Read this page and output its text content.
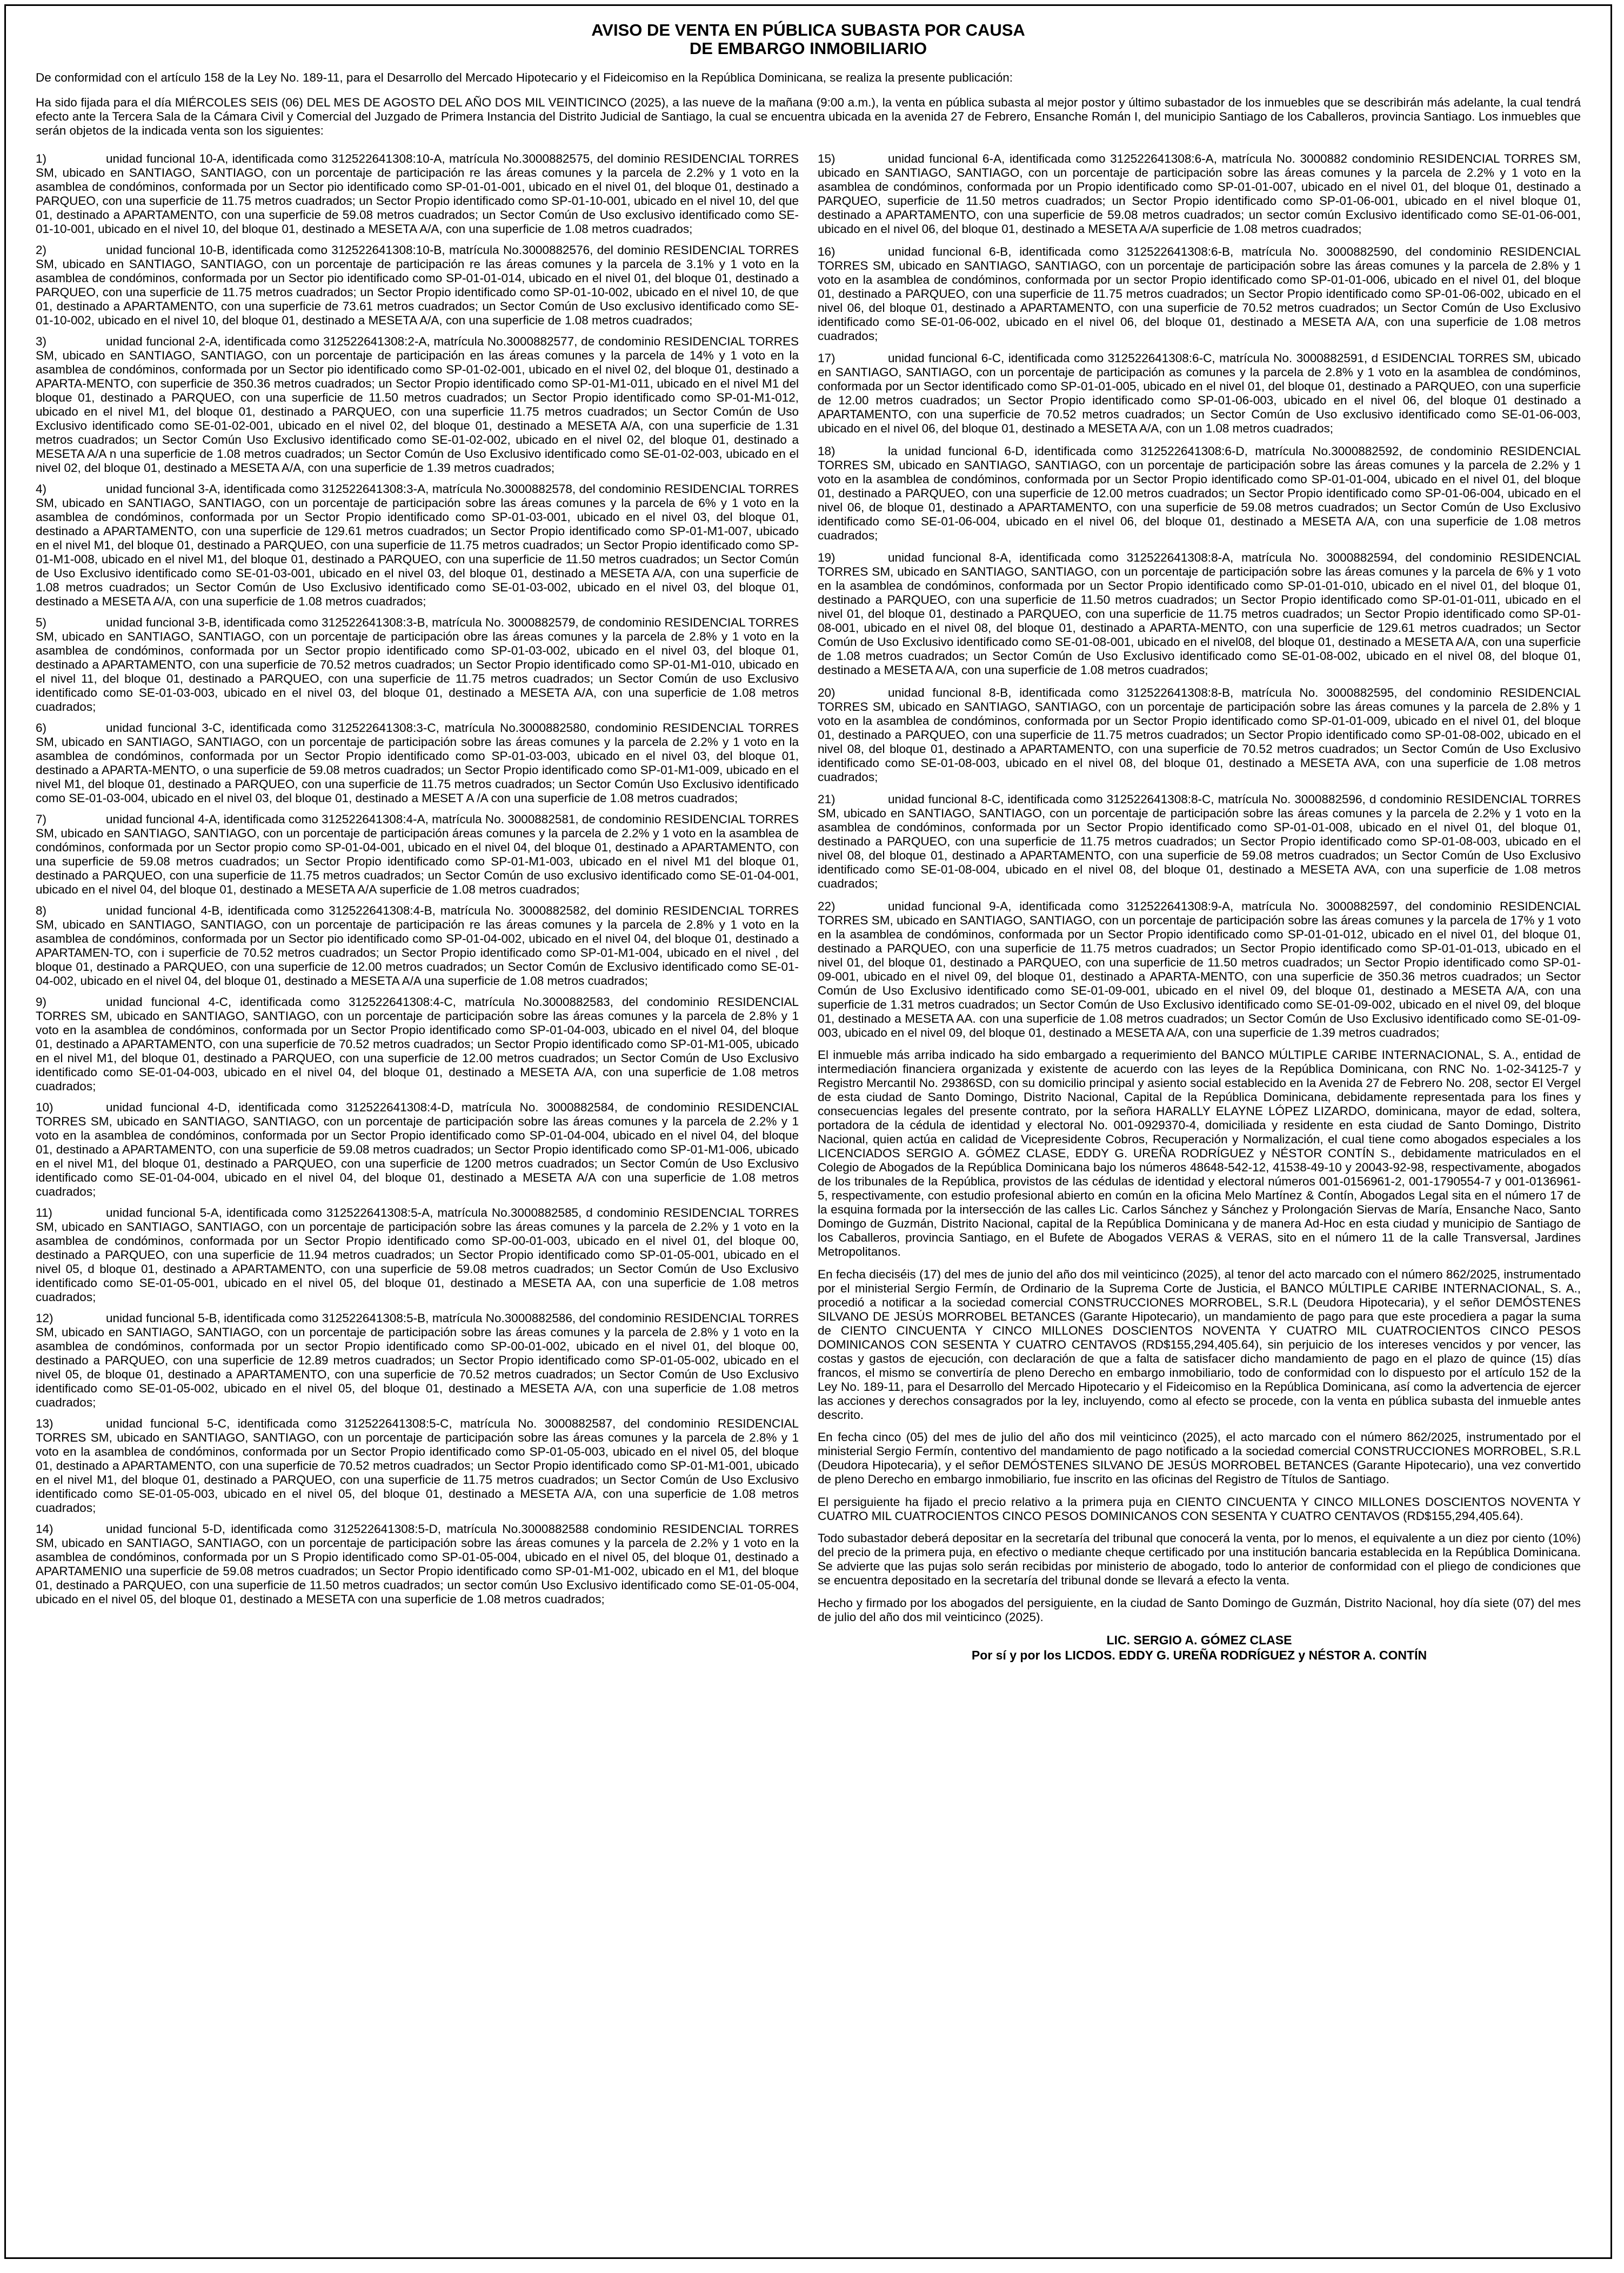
AVISO DE VENTA EN PÚBLICA SUBASTA POR CAUSA
DE EMBARGO INMOBILIARIO

De conformidad con el artículo 158 de la Ley No. 189-11, para el Desarrollo del Mercado Hipotecario y el Fideicomiso en la República Dominicana, se realiza la presente publicación:

Ha sido fijada para el día MIÉRCOLES SEIS (06) DEL MES DE AGOSTO DEL AÑO DOS MIL VEINTICINCO (2025), a las nueve de la mañana (9:00 a.m.), la venta en pública subasta al mejor postor y último subastador de los inmuebles que se describirán más adelante, la cual tendrá efecto ante la Tercera Sala de la Cámara Civil y Comercial del Juzgado de Primera Instancia del Distrito Judicial de Santiago, la cual se encuentra ubicada en la avenida 27 de Febrero, Ensanche Román I, del municipio Santiago de los Caballeros, provincia Santiago. Los inmuebles que serán objetos de la indicada venta son los siguientes:

1)	unidad funcional 10-A, identificada como 312522641308:10-A, matrícula No.3000882575, del dominio RESIDENCIAL TORRES SM, ubicado en SANTIAGO, SANTIAGO, con un porcentaje de participación re las áreas comunes y la parcela de 2.2% y 1 voto en la asamblea de condóminos, conformada por un Sector pio identificado como SP-01-01-001, ubicado en el nivel 01, del bloque 01, destinado a PARQUEO, con una superficie de 11.75 metros cuadrados; un Sector Propio identificado como SP-01-10-001, ubicado en el nivel 10, del que 01, destinado a APARTAMENTO, con una superficie de 59.08 metros cuadrados; un Sector Común de Uso exclusivo identificado como SE-01-10-001, ubicado en el nivel 10, del bloque 01, destinado a MESETA A/A, con una superficie de 1.08 metros cuadrados;

2)	unidad funcional 10-B, identificada como 312522641308:10-B, matrícula No.3000882576, del dominio RESIDENCIAL TORRES SM, ubicado en SANTIAGO, SANTIAGO, con un porcentaje de participación re las áreas comunes y la parcela de 3.1% y 1 voto en la asamblea de condóminos, conformada por un Sector pio identificado como SP-01-01-014, ubicado en el nivel 01, del bloque 01, destinado a PARQUEO, con una superficie de 11.75 metros cuadrados; un Sector Propio identificado como SP-01-10-002, ubicado en el nivel 10, de que 01, destinado a APARTAMENTO, con una superficie de 73.61 metros cuadrados; un Sector Común de Uso exclusivo identificado como SE-01-10-002, ubicado en el nivel 10, del bloque 01, destinado a MESETA A/A, con una superficie de 1.08 metros cuadrados;

3)	unidad funcional 2-A, identificada como 312522641308:2-A, matrícula No.3000882577, de condominio RESIDENCIAL TORRES SM, ubicado en SANTIAGO, SANTIAGO, con un porcentaje de participación en las áreas comunes y la parcela de 14% y 1 voto en la asamblea de condóminos, conformada por un Sector pio identificado como SP-01-02-001, ubicado en el nivel 02, del bloque 01, destinado a APARTA-MENTO, con superficie de 350.36 metros cuadrados; un Sector Propio identificado como SP-01-M1-011, ubicado en el nivel M1 del bloque 01, destinado a PARQUEO, con una superficie de 11.50 metros cuadrados; un Sector Propio identificado como SP-01-M1-012, ubicado en el nivel M1, del bloque 01, destinado a PARQUEO, con una superficie 11.75 metros cuadrados; un Sector Común de Uso Exclusivo identificado como SE-01-02-001, ubicado en el nivel 02, del bloque 01, destinado a MESETA A/A, con una superficie de 1.31 metros cuadrados; un Sector Común Uso Exclusivo identificado como SE-01-02-002, ubicado en el nivel 02, del bloque 01, destinado a MESETA A/A n una superficie de 1.08 metros cuadrados; un Sector Común de Uso Exclusivo identificado como SE-01-02-003, ubicado en el nivel 02, del bloque 01, destinado a MESETA A/A, con una superficie de 1.39 metros cuadrados;

4)	unidad funcional 3-A, identificada como 312522641308:3-A, matrícula No.3000882578, del condominio RESIDENCIAL TORRES SM, ubicado en SANTIAGO, SANTIAGO, con un porcentaje de participación sobre las áreas comunes y la parcela de 6% y 1 voto en la asamblea de condóminos, conformada por un Sector Propio identificado como SP-01-03-001, ubicado en el nivel 03, del bloque 01, destinado a APARTAMENTO, con una superficie de 129.61 metros cuadrados; un Sector Propio identificado como SP-01-M1-007, ubicado en el nivel M1, del bloque 01, destinado a PARQUEO, con una superficie de 11.75 metros cuadrados; un Sector Propio identificado como SP-01-M1-008, ubicado en el nivel M1, del bloque 01, destinado a PARQUEO, con una superficie de 11.50 metros cuadrados; un Sector Común de Uso Exclusivo identificado como SE-01-03-001, ubicado en el nivel 03, del bloque 01, destinado a MESETA A/A, con una superficie de 1.08 metros cuadrados; un Sector Común de Uso Exclusivo identificado como SE-01-03-002, ubicado en el nivel 03, del bloque 01, destinado a MESETA A/A, con una superficie de 1.08 metros cuadrados;

5)	unidad funcional 3-B, identificada como 312522641308:3-B, matrícula No. 3000882579, de condominio RESIDENCIAL TORRES SM, ubicado en SANTIAGO, SANTIAGO, con un porcentaje de participación obre las áreas comunes y la parcela de 2.8% y 1 voto en la asamblea de condóminos, conformada por un Sector propio identificado como SP-01-03-002, ubicado en el nivel 03, del bloque 01, destinado a APARTAMENTO, con una superficie de 70.52 metros cuadrados; un Sector Propio identificado como SP-01-M1-010, ubicado en el nivel 11, del bloque 01, destinado a PARQUEO, con una superficie de 11.75 metros cuadrados; un Sector Común de uso Exclusivo identificado como SE-01-03-003, ubicado en el nivel 03, del bloque 01, destinado a MESETA A/A, con una superficie de 1.08 metros cuadrados;

6)	unidad funcional 3-C, identificada como 312522641308:3-C, matrícula No.3000882580, condominio RESIDENCIAL TORRES SM, ubicado en SANTIAGO, SANTIAGO, con un porcentaje de participación sobre las áreas comunes y la parcela de 2.2% y 1 voto en la asamblea de condóminos, conformada por un Sector Propio identificado como SP-01-03-003, ubicado en el nivel 03, del bloque 01, destinado a APARTA-MENTO, o una superficie de 59.08 metros cuadrados; un Sector Propio identificado como SP-01-M1-009, ubicado en el nivel M1, del bloque 01, destinado a PARQUEO, con una superficie de 11.75 metros cuadrados; un Sector Común Uso Exclusivo identificado como SE-01-03-004, ubicado en el nivel 03, del bloque 01, destinado a MESET A /A con una superficie de 1.08 metros cuadrados;

7)	unidad funcional 4-A, identificada como 312522641308:4-A, matrícula No. 3000882581, de condominio RESIDENCIAL TORRES SM, ubicado en SANTIAGO, SANTIAGO, con un porcentaje de participación áreas comunes y la parcela de 2.2% y 1 voto en la asamblea de condóminos, conformada por un Sector propio como SP-01-04-001, ubicado en el nivel 04, del bloque 01, destinado a APARTAMENTO, con una superficie de 59.08 metros cuadrados; un Sector Propio identificado como SP-01-M1-003, ubicado en el nivel M1 del bloque 01, destinado a PARQUEO, con una superficie de 11.75 metros cuadrados; un Sector Común de uso exclusivo identificado como SE-01-04-001, ubicado en el nivel 04, del bloque 01, destinado a MESETA A/A superficie de 1.08 metros cuadrados;

8)	unidad funcional 4-B, identificada como 312522641308:4-B, matrícula No. 3000882582, del dominio RESIDENCIAL TORRES SM, ubicado en SANTIAGO, SANTIAGO, con un porcentaje de participación re las áreas comunes y la parcela de 2.8% y 1 voto en la asamblea de condóminos, conformada por un Sector pio identificado como SP-01-04-002, ubicado en el nivel 04, del bloque 01, destinado a APARTAMEN-TO, con i superficie de 70.52 metros cuadrados; un Sector Propio identificado como SP-01-M1-004, ubicado en el nivel , del bloque 01, destinado a PARQUEO, con una superficie de 12.00 metros cuadrados; un Sector Común de Exclusivo identificado como SE-01-04-002, ubicado en el nivel 04, del bloque 01, destinado a MESETA A/A una superficie de 1.08 metros cuadrados;

9)	unidad funcional 4-C, identificada como 312522641308:4-C, matrícula No.3000882583, del condominio RESIDENCIAL TORRES SM, ubicado en SANTIAGO, SANTIAGO, con un porcentaje de participación sobre las áreas comunes y la parcela de 2.8% y 1 voto en la asamblea de condóminos, conformada por un Sector Propio identificado como SP-01-04-003, ubicado en el nivel 04, del bloque 01, destinado a APARTAMENTO, con una superficie de 70.52 metros cuadrados; un Sector Propio identificado como SP-01-M1-005, ubicado en el nivel M1, del bloque 01, destinado a PARQUEO, con una superficie de 12.00 metros cuadrados; un Sector Común de Uso Exclusivo identificado como SE-01-04-003, ubicado en el nivel 04, del bloque 01, destinado a MESETA A/A, con una superficie de 1.08 metros cuadrados;

10)	unidad funcional 4-D, identificada como 312522641308:4-D, matrícula No. 3000882584, de condominio RESIDENCIAL TORRES SM, ubicado en SANTIAGO, SANTIAGO, con un porcentaje de participación sobre las áreas comunes y la parcela de 2.2% y 1 voto en la asamblea de condóminos, conformada por un Sector Propio identificado como SP-01-04-004, ubicado en el nivel 04, del bloque 01, destinado a APARTAMENTO, con una superficie de 59.08 metros cuadrados; un Sector Propio identificado como SP-01-M1-006, ubicado en el nivel M1, del bloque 01, destinado a PARQUEO, con una superficie de 1200 metros cuadrados; un Sector Común de Uso Exclusivo identificado como SE-01-04-004, ubicado en el nivel 04, del bloque 01, destinado a MESETA A/A con una superficie de 1.08 metros cuadrados;

11)	unidad funcional 5-A, identificada como 312522641308:5-A, matrícula No.3000882585, d condominio RESIDENCIAL TORRES SM, ubicado en SANTIAGO, SANTIAGO, con un porcentaje de participación sobre las áreas comunes y la parcela de 2.2% y 1 voto en la asamblea de condóminos, conformada por un Sector Propio identificado como SP-00-01-003, ubicado en el nivel 01, del bloque 00, destinado a PARQUEO, con una superficie de 11.94 metros cuadrados; un Sector Propio identificado como SP-01-05-001, ubicado en el nivel 05, d bloque 01, destinado a APARTAMENTO, con una superficie de 59.08 metros cuadrados; un Sector Común de Uso Exclusivo identificado como SE-01-05-001, ubicado en el nivel 05, del bloque 01, destinado a MESETA AA, con una superficie de 1.08 metros cuadrados;

12)	unidad funcional 5-B, identificada como 312522641308:5-B, matrícula No.3000882586, del condominio RESIDENCIAL TORRES SM, ubicado en SANTIAGO, SANTIAGO, con un porcentaje de participación sobre las áreas comunes y la parcela de 2.8% y 1 voto en la asamblea de condóminos, conformada por un sector Propio identificado como SP-00-01-002, ubicado en el nivel 01, del bloque 00, destinado a PARQUEO, con una superficie de 12.89 metros cuadrados; un Sector Propio identificado como SP-01-05-002, ubicado en el nivel 05, de bloque 01, destinado a APARTAMENTO, con una superficie de 70.52 metros cuadrados; un Sector Común de Uso Exclusivo identificado como SE-01-05-002, ubicado en el nivel 05, del bloque 01, destinado a MESETA A/A, con una superficie de 1.08 metros cuadrados;

13)	unidad funcional 5-C, identificada como 312522641308:5-C, matrícula No. 3000882587, del condominio RESIDENCIAL TORRES SM, ubicado en SANTIAGO, SANTIAGO, con un porcentaje de participación sobre las áreas comunes y la parcela de 2.8% y 1 voto en la asamblea de condóminos, conformada por un Sector Propio identificado como SP-01-05-003, ubicado en el nivel 05, del bloque 01, destinado a APARTAMENTO, con una superficie de 70.52 metros cuadrados; un Sector Propio identificado como SP-01-M1-001, ubicado en el nivel M1, del bloque 01, destinado a PARQUEO, con una superficie de 11.75 metros cuadrados; un Sector Común de Uso Exclusivo identificado como SE-01-05-003, ubicado en el nivel 05, del bloque 01, destinado a MESETA A/A, con una superficie de 1.08 metros cuadrados;

14)	unidad funcional 5-D, identificada como 312522641308:5-D, matrícula No.3000882588 condominio RESIDENCIAL TORRES SM, ubicado en SANTIAGO, SANTIAGO, con un porcentaje de participación sobre las áreas comunes y la parcela de 2.2% y 1 voto en la asamblea de condóminos, conformada por un S Propio identificado como SP-01-05-004, ubicado en el nivel 05, del bloque 01, destinado a APARTAMENIO una superficie de 59.08 metros cuadrados; un Sector Propio identificado como SP-01-M1-002, ubicado en el M1, del bloque 01, destinado a PARQUEO, con una superficie de 11.50 metros cuadrados; un sector común Uso Exclusivo identificado como SE-01-05-004, ubicado en el nivel 05, del bloque 01, destinado a MESETA con una superficie de 1.08 metros cuadrados;

15)	unidad funcional 6-A, identificada como 312522641308:6-A, matrícula No. 3000882 condominio RESIDENCIAL TORRES SM, ubicado en SANTIAGO, SANTIAGO, con un porcentaje de participación sobre las áreas comunes y la parcela de 2.2% y 1 voto en la asamblea de condóminos, conformada por un Propio identificado como SP-01-01-007, ubicado en el nivel 01, del bloque 01, destinado a PARQUEO, superficie de 11.50 metros cuadrados; un Sector Propio identificado como SP-01-06-001, ubicado en el nivel bloque 01, destinado a APARTAMENTO, con una superficie de 59.08 metros cuadrados; un sector común Exclusivo identificado como SE-01-06-001, ubicado en el nivel 06, del bloque 01, destinado a MESETA A/A superficie de 1.08 metros cuadrados;

16)	unidad funcional 6-B, identificada como 312522641308:6-B, matrícula No. 3000882590, del condominio RESIDENCIAL TORRES SM, ubicado en SANTIAGO, SANTIAGO, con un porcentaje de participación sobre las áreas comunes y la parcela de 2.8% y 1 voto en la asamblea de condóminos, conformada por un sector Propio identificado como SP-01-01-006, ubicado en el nivel 01, del bloque 01, destinado a PARQUEO, con una superficie de 11.75 metros cuadrados; un Sector Propio identificado como SP-01-06-002, ubicado en el nivel 06, del bloque 01, destinado a APARTAMENTO, con una superficie de 70.52 metros cuadrados; un Sector Común de Uso Exclusivo identificado como SE-01-06-002, ubicado en el nivel 06, del bloque 01, destinado a MESETA A/A, con una superficie de 1.08 metros cuadrados;

17)	unidad funcional 6-C, identificada como 312522641308:6-C, matrícula No. 3000882591, d ESIDENCIAL TORRES SM, ubicado en SANTIAGO, SANTIAGO, con un porcentaje de participación as comunes y la parcela de 2.8% y 1 voto en la asamblea de condóminos, conformada por un Sector identificado como SP-01-01-005, ubicado en el nivel 01, del bloque 01, destinado a PARQUEO, con una superficie de 12.00 metros cuadrados; un Sector Propio identificado como SP-01-06-003, ubicado en el nivel 06, del bloque 01 destinado a APARTAMENTO, con una superficie de 70.52 metros cuadrados; un Sector Común de Uso exclusivo identificado como SE-01-06-003, ubicado en el nivel 06, del bloque 01, destinado a MESETA A/A, con un 1.08 metros cuadrados;

18)	la unidad funcional 6-D, identificada como 312522641308:6-D, matrícula No.3000882592, de condominio RESIDENCIAL TORRES SM, ubicado en SANTIAGO, SANTIAGO, con un porcentaje de participación sobre las áreas comunes y la parcela de 2.2% y 1 voto en la asamblea de condóminos, conformada por un Sector Propio identificado como SP-01-01-004, ubicado en el nivel 01, del bloque 01, destinado a PARQUEO, con una superficie de 12.00 metros cuadrados; un Sector Propio identificado como SP-01-06-004, ubicado en el nivel 06, de bloque 01, destinado a APARTAMENTO, con una superficie de 59.08 metros cuadrados; un Sector Común de Uso Exclusivo identificado como SE-01-06-004, ubicado en el nivel 06, del bloque 01, destinado a MESETA A/A, con una superficie de 1.08 metros cuadrados;

19)	unidad funcional 8-A, identificada como 312522641308:8-A, matrícula No. 3000882594, del condominio RESIDENCIAL TORRES SM, ubicado en SANTIAGO, SANTIAGO, con un porcentaje de participación sobre las áreas comunes y la parcela de 6% y 1 voto en la asamblea de condóminos, conformada por un Sector Propio identificado como SP-01-01-010, ubicado en el nivel 01, del bloque 01, destinado a PARQUEO, con una superficie de 11.50 metros cuadrados; un Sector Propio identificado como SP-01-01-011, ubicado en el nivel 01, del bloque 01, destinado a PARQUEO, con una superficie de 11.75 metros cuadrados; un Sector Propio identificado como SP-01-08-001, ubicado en el nivel 08, del bloque 01, destinado a APARTA-MENTO, con una superficie de 129.61 metros cuadrados; un Sector Común de Uso Exclusivo identificado como SE-01-08-001, ubicado en el nivel08, del bloque 01, destinado a MESETA A/A, con una superficie de 1.08 metros cuadrados; un Sector Común de Uso Exclusivo identificado como SE-01-08-002, ubicado en el nivel 08, del bloque 01, destinado a MESETA A/A, con una superficie de 1.08 metros cuadrados;

20)	unidad funcional 8-B, identificada como 312522641308:8-B, matrícula No. 3000882595, del condominio RESIDENCIAL TORRES SM, ubicado en SANTIAGO, SANTIAGO, con un porcentaje de participación sobre las áreas comunes y la parcela de 2.8% y 1 voto en la asamblea de condóminos, conformada por un Sector Propio identificado como SP-01-01-009, ubicado en el nivel 01, del bloque 01, destinado a PARQUEO, con una superficie de 11.75 metros cuadrados; un Sector Propio identificado como SP-01-08-002, ubicado en el nivel 08, del bloque 01, destinado a APARTAMENTO, con una superficie de 70.52 metros cuadrados; un Sector Común de Uso Exclusivo identificado como SE-01-08-003, ubicado en el nivel 08, del bloque 01, destinado a MESETA AVA, con una superficie de 1.08 metros cuadrados;

21)	unidad funcional 8-C, identificada como 312522641308:8-C, matrícula No. 3000882596, d condominio RESIDENCIAL TORRES SM, ubicado en SANTIAGO, SANTIAGO, con un porcentaje de participación sobre las áreas comunes y la parcela de 2.2% y 1 voto en la asamblea de condóminos, conformada por un Sector Propio identificado como SP-01-01-008, ubicado en el nivel 01, del bloque 01, destinado a PARQUEO, con una superficie de 11.75 metros cuadrados; un Sector Propio identificado como SP-01-08-003, ubicado en el nivel 08, del bloque 01, destinado a APARTAMENTO, con una superficie de 59.08 metros cuadrados; un Sector Común de Uso Exclusivo identificado como SE-01-08-004, ubicado en el nivel 08, del bloque 01, destinado a MESETA AVA, con una superficie de 1.08 metros cuadrados;

22)	unidad funcional 9-A, identificada como 312522641308:9-A, matrícula No. 3000882597, del condominio RESIDENCIAL TORRES SM, ubicado en SANTIAGO, SANTIAGO, con un porcentaje de participación sobre las áreas comunes y la parcela de 17% y 1 voto en la asamblea de condóminos, conformada por un Sector Propio identificado como SP-01-01-012, ubicado en el nivel 01, del bloque 01, destinado a PARQUEO, con una superficie de 11.75 metros cuadrados; un Sector Propio identificado como SP-01-01-013, ubicado en el nivel 01, del bloque 01, destinado a PARQUEO, con una superficie de 11.50 metros cuadrados; un Sector Propio identificado como SP-01-09-001, ubicado en el nivel 09, del bloque 01, destinado a APARTA-MENTO, con una superficie de 350.36 metros cuadrados; un Sector Común de Uso Exclusivo identificado como SE-01-09-001, ubicado en el nivel 09, del bloque 01, destinado a MESETA A/A, con una superficie de 1.31 metros cuadrados; un Sector Común de Uso Exclusivo identificado como SE-01-09-002, ubicado en el nivel 09, del bloque 01, destinado a MESETA AA. con una superficie de 1.08 metros cuadrados; un Sector Común de Uso Exclusivo identificado como SE-01-09-003, ubicado en el nivel 09, del bloque 01, destinado a MESETA A/A, con una superficie de 1.39 metros cuadrados;

El inmueble más arriba indicado ha sido embargado a requerimiento del BANCO MÚLTIPLE CARIBE INTERNACIONAL, S. A., entidad de intermediación financiera organizada y existente de acuerdo con las leyes de la República Dominicana, con RNC No. 1-02-34125-7 y Registro Mercantil No. 29386SD, con su domicilio principal y asiento social establecido en la Avenida 27 de Febrero No. 208, sector El Vergel de esta ciudad de Santo Domingo, Distrito Nacional, Capital de la República Dominicana, debidamente representada para los fines y consecuencias legales del presente contrato, por la señora HARALLY ELAYNE LÓPEZ LIZARDO, dominicana, mayor de edad, soltera, portadora de la cédula de identidad y electoral No. 001-0929370-4, domiciliada y residente en esta ciudad de Santo Domingo, Distrito Nacional, quien actúa en calidad de Vicepresidente Cobros, Recuperación y Normalización, el cual tiene como abogados especiales a los LICENCIADOS SERGIO A. GÓMEZ CLASE, EDDY G. UREÑA RODRÍGUEZ y NÉSTOR CONTÍN S., debidamente matriculados en el Colegio de Abogados de la República Dominicana bajo los números 48648-542-12, 41538-49-10 y 20043-92-98, respectivamente, abogados de los tribunales de la República, provistos de las cédulas de identidad y electoral números 001-0156961-2, 001-1790554-7 y 001-0136961-5, respectivamente, con estudio profesional abierto en común en la oficina Melo Martínez & Contín, Abogados Legal sita en el número 17 de la esquina formada por la intersección de las calles Lic. Carlos Sánchez y Sánchez y Prolongación Siervas de María, Ensanche Naco, Santo Domingo de Guzmán, Distrito Nacional, capital de la República Dominicana y de manera Ad-Hoc en esta ciudad y municipio de Santiago de los Caballeros, provincia Santiago, en el Bufete de Abogados VERAS & VERAS, sito en el número 11 de la calle Transversal, Jardines Metropolitanos.

En fecha dieciséis (17) del mes de junio del año dos mil veinticinco (2025), al tenor del acto marcado con el número 862/2025, instrumentado por el ministerial Sergio Fermín, de Ordinario de la Suprema Corte de Justicia, el BANCO MÚLTIPLE CARIBE INTERNACIONAL, S. A., procedió a notificar a la sociedad comercial CONSTRUCCIONES MORROBEL, S.R.L (Deudora Hipotecaria), y el señor DEMÓSTENES SILVANO DE JESÚS MORROBEL BETANCES (Garante Hipotecario), un mandamiento de pago para que este procediera a pagar la suma de CIENTO CINCUENTA Y CINCO MILLONES DOSCIENTOS NOVENTA Y CUATRO MIL CUATROCIENTOS CINCO PESOS DOMINICANOS CON SESENTA Y CUATRO CENTAVOS (RD$155,294,405.64), sin perjuicio de los intereses vencidos y por vencer, las costas y gastos de ejecución, con declaración de que a falta de satisfacer dicho mandamiento de pago en el plazo de quince (15) días francos, el mismo se convertiría de pleno Derecho en embargo inmobiliario, todo de conformidad con lo dispuesto por el artículo 152 de la Ley No. 189-11, para el Desarrollo del Mercado Hipotecario y el Fideicomiso en la República Dominicana, así como la advertencia de ejercer las acciones y derechos consagrados por la ley, incluyendo, como al efecto se procede, con la venta en pública subasta del inmueble antes descrito.

En fecha cinco (05) del mes de julio del año dos mil veinticinco (2025), el acto marcado con el número 862/2025, instrumentado por el ministerial Sergio Fermín, contentivo del mandamiento de pago notificado a la sociedad comercial CONSTRUCCIONES MORROBEL, S.R.L (Deudora Hipotecaria), y el señor DEMÓSTENES SILVANO DE JESÚS MORROBEL BETANCES (Garante Hipotecario), una vez convertido de pleno Derecho en embargo inmobiliario, fue inscrito en las oficinas del Registro de Títulos de Santiago.

El persiguiente ha fijado el precio relativo a la primera puja en CIENTO CINCUENTA Y CINCO MILLONES DOSCIENTOS NOVENTA Y CUATRO MIL CUATROCIENTOS CINCO PESOS DOMINICANOS CON SESENTA Y CUATRO CENTAVOS (RD$155,294,405.64).

Todo subastador deberá depositar en la secretaría del tribunal que conocerá la venta, por lo menos, el equivalente a un diez por ciento (10%) del precio de la primera puja, en efectivo o mediante cheque certificado por una institución bancaria establecida en la República Dominicana. Se advierte que las pujas solo serán recibidas por ministerio de abogado, todo lo anterior de conformidad con el pliego de condiciones que se encuentra depositado en la secretaría del tribunal donde se llevará a efecto la venta.

Hecho y firmado por los abogados del persiguiente, en la ciudad de Santo Domingo de Guzmán, Distrito Nacional, hoy día siete (07) del mes de julio del año dos mil veinticinco (2025).

LIC. SERGIO A. GÓMEZ CLASE
Por sí y por los LICDOS. EDDY G. UREÑA RODRÍGUEZ y NÉSTOR A. CONTÍN
